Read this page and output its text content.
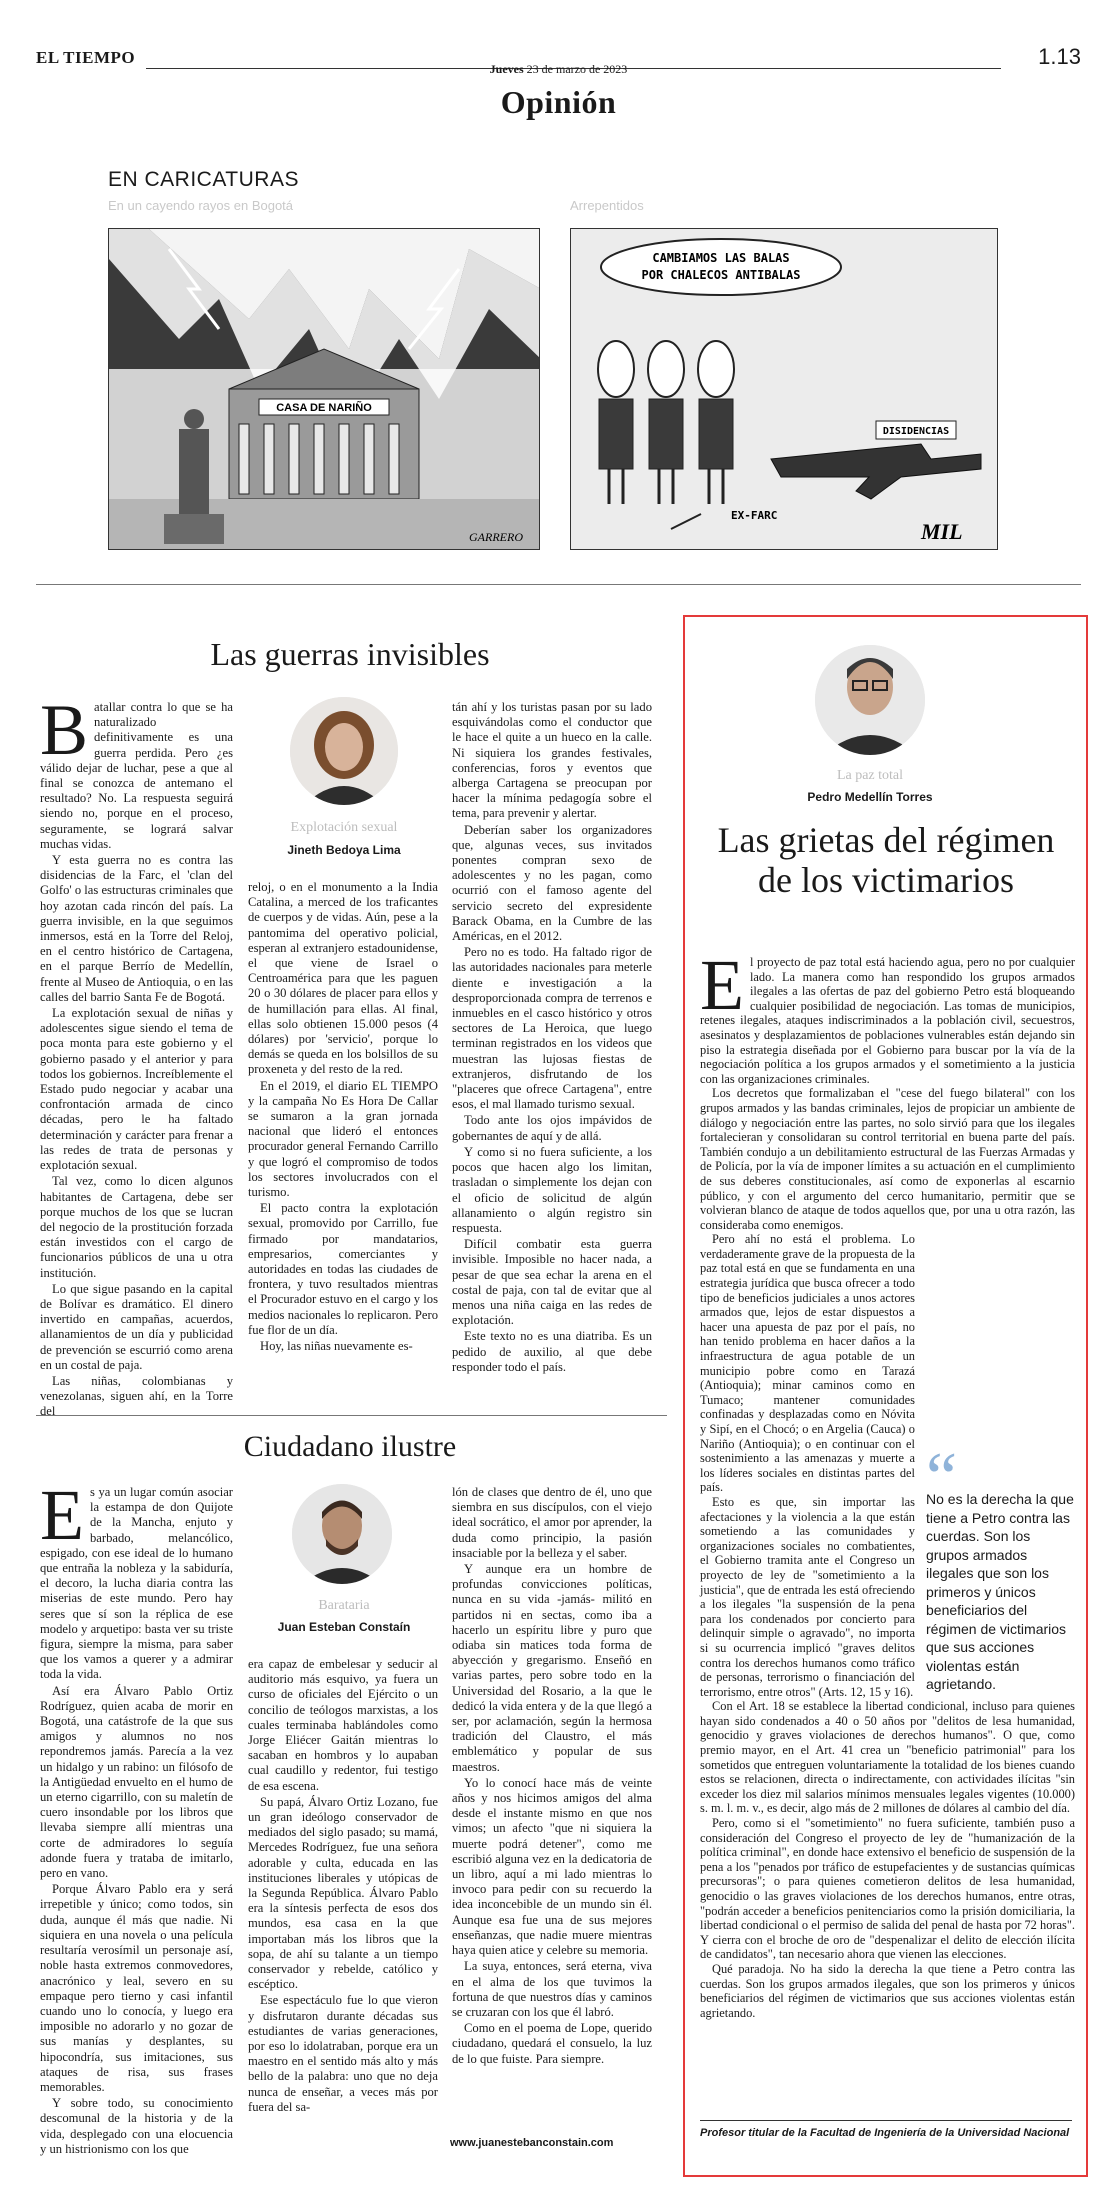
EL TIEMPO
Jueves 23 de marzo de 2023	1.13
Opinión
EN CARICATURAS
En un cayendo rayos en Bogotá	Arrepentidos
CASA DE NARIÑO
GARRERO
CAMBIAMOS LAS BALAS
POR CHALECOS ANTIBALAS
DISIDENCIAS
EX-FARC
MIL
Las guerras invisibles
B atallar contra lo que se ha naturalizado definitivamente es una guerra perdida. Pero ¿es válido dejar de luchar, pese a que al final se conozca de antemano el resultado? No. La respuesta seguirá siendo no, porque en el proceso, seguramente, se logrará salvar muchas vidas.

Y esta guerra no es contra las disidencias de la Farc, el 'clan del Golfo' o las estructuras criminales que hoy azotan cada rincón del país. La guerra invisible, en la que seguimos inmersos, está en la Torre del Reloj, en el centro histórico de Cartagena, en el parque Berrío de Medellín, frente al Museo de Antioquia, o en las calles del barrio Santa Fe de Bogotá.

La explotación sexual de niñas y adolescentes sigue siendo el tema de poca monta para este gobierno y el gobierno pasado y el anterior y para todos los gobiernos. Increíblemente el Estado pudo negociar y acabar una confrontación armada de cinco décadas, pero le ha faltado determinación y carácter para frenar a las redes de trata de personas y explotación sexual.

Tal vez, como lo dicen algunos habitantes de Cartagena, debe ser porque muchos de los que se lucran del negocio de la prostitución forzada están investidos con el cargo de funcionarios públicos de una u otra institución.

Lo que sigue pasando en la capital de Bolívar es dramático. El dinero invertido en campañas, acuerdos, allanamientos de un día y publicidad de prevención se escurrió como arena en un costal de paja.

Las niñas, colombianas y venezolanas, siguen ahí, en la Torre del

Explotación sexual
Jineth Bedoya Lima

reloj, o en el monumento a la India Catalina, a merced de los traficantes de cuerpos y de vidas. Aún, pese a la pantomima del operativo policial, esperan al extranjero estadounidense, el que viene de Israel o Centroamérica para que les paguen 20 o 30 dólares de placer para ellos y de humillación para ellas. Al final, ellas solo obtienen 15.000 pesos (4 dólares) por 'servicio', porque lo demás se queda en los bolsillos de su proxeneta y del resto de la red.

En el 2019, el diario EL TIEMPO y la campaña No Es Hora De Callar se sumaron a la gran jornada nacional que lideró el entonces procurador general Fernando Carrillo y que logró el compromiso de todos los sectores involucrados con el turismo.

El pacto contra la explotación sexual, promovido por Carrillo, fue firmado por mandatarios, empresarios, comerciantes y autoridades en todas las ciudades de frontera, y tuvo resultados mientras el Procurador estuvo en el cargo y los medios nacionales lo replicaron. Pero fue flor de un día.

Hoy, las niñas nuevamente es-

tán ahí y los turistas pasan por su lado esquivándolas como el conductor que le hace el quite a un hueco en la calle. Ni siquiera los grandes festivales, conferencias, foros y eventos que alberga Cartagena se preocupan por hacer la mínima pedagogía sobre el tema, para prevenir y alertar.

Deberían saber los organizadores que, algunas veces, sus invitados ponentes compran sexo de adolescentes y no les pagan, como ocurrió con el famoso agente del servicio secreto del expresidente Barack Obama, en la Cumbre de las Américas, en el 2012.

Pero no es todo. Ha faltado rigor de las autoridades nacionales para meterle diente e investigación a la desproporcionada compra de terrenos e inmuebles en el casco histórico y otros sectores de La Heroica, que luego terminan registrados en los videos que muestran las lujosas fiestas de extranjeros, disfrutando de los "placeres que ofrece Cartagena", entre esos, el mal llamado turismo sexual.

Todo ante los ojos impávidos de gobernantes de aquí y de allá.

Y como si no fuera suficiente, a los pocos que hacen algo los limitan, trasladan o simplemente los dejan con el oficio de solicitud de algún allanamiento o algún registro sin respuesta.

Difícil combatir esta guerra invisible. Imposible no hacer nada, a pesar de que sea echar la arena en el costal de paja, con tal de evitar que al menos una niña caiga en las redes de explotación.

Este texto no es una diatriba. Es un pedido de auxilio, al que debe responder todo el país.

Ciudadano ilustre
E s ya un lugar común asociar la estampa de don Quijote de la Mancha, enjuto y barbado, melancólico, espigado, con ese ideal de lo humano que entraña la nobleza y la sabiduría, el decoro, la lucha diaria contra las miserias de este mundo. Pero hay seres que sí son la réplica de ese modelo y arquetipo: basta ver su triste figura, siempre la misma, para saber que los vamos a querer y a admirar toda la vida.

Así era Álvaro Pablo Ortiz Rodríguez, quien acaba de morir en Bogotá, una catástrofe de la que sus amigos y alumnos no nos repondremos jamás. Parecía a la vez un hidalgo y un rabino: un filósofo de la Antigüedad envuelto en el humo de un eterno cigarrillo, con su maletín de cuero insondable por los libros que llevaba siempre allí mientras una corte de admiradores lo seguía adonde fuera y trataba de imitarlo, pero en vano.

Porque Álvaro Pablo era y será irrepetible y único; como todos, sin duda, aunque él más que nadie. Ni siquiera en una novela o una película resultaría verosímil un personaje así, noble hasta extremos conmovedores, anacrónico y leal, severo en su empaque pero tierno y casi infantil cuando uno lo conocía, y luego era imposible no adorarlo y no gozar de sus manías y desplantes, su hipocondría, sus imitaciones, sus ataques de risa, sus frases memorables.

Y sobre todo, su conocimiento descomunal de la historia y de la vida, desplegado con una elocuencia y un histrionismo con los que

Barataria
Juan Esteban Constaín

era capaz de embelesar y seducir al auditorio más esquivo, ya fuera un curso de oficiales del Ejército o un concilio de teólogos marxistas, a los cuales terminaba hablándoles como Jorge Eliécer Gaitán mientras lo sacaban en hombros y lo aupaban cual caudillo y redentor, fui testigo de esa escena.

Su papá, Álvaro Ortiz Lozano, fue un gran ideólogo conservador de mediados del siglo pasado; su mamá, Mercedes Rodríguez, fue una señora adorable y culta, educada en las instituciones liberales y utópicas de la Segunda República. Álvaro Pablo era la síntesis perfecta de esos dos mundos, esa casa en la que importaban más los libros que la sopa, de ahí su talante a un tiempo conservador y rebelde, católico y escéptico.

Ese espectáculo fue lo que vieron y disfrutaron durante décadas sus estudiantes de varias generaciones, por eso lo idolatraban, porque era un maestro en el sentido más alto y más bello de la palabra: uno que no deja nunca de enseñar, a veces más por fuera del sa-

lón de clases que dentro de él, uno que siembra en sus discípulos, con el viejo ideal socrático, el amor por aprender, la duda como principio, la pasión insaciable por la belleza y el saber.

Y aunque era un hombre de profundas convicciones políticas, nunca en su vida -jamás- militó en partidos ni en sectas, como iba a hacerlo un espíritu libre y puro que odiaba sin matices toda forma de abyección y gregarismo. Enseñó en varias partes, pero sobre todo en la Universidad del Rosario, a la que le dedicó la vida entera y de la que llegó a ser, por aclamación, según la hermosa tradición del Claustro, el más emblemático y popular de sus maestros.

Yo lo conocí hace más de veinte años y nos hicimos amigos del alma desde el instante mismo en que nos vimos; un afecto "que ni siquiera la muerte podrá detener", como me escribió alguna vez en la dedicatoria de un libro, aquí a mi lado mientras lo invoco para pedir con su recuerdo la idea inconcebible de un mundo sin él. Aunque esa fue una de sus mejores enseñanzas, que nadie muere mientras haya quien atice y celebre su memoria.

La suya, entonces, será eterna, viva en el alma de los que tuvimos la fortuna de que nuestros días y caminos se cruzaran con los que él labró.

Como en el poema de Lope, querido ciudadano, quedará el consuelo, la luz de lo que fuiste. Para siempre.

www.juanestebanconstain.com
La paz total
Pedro Medellín Torres
Las grietas del régimen de los victimarios
E l proyecto de paz total está haciendo agua, pero no por cualquier lado. La manera como han respondido los grupos armados ilegales a las ofertas de paz del gobierno Petro está bloqueando cualquier posibilidad de negociación. Las tomas de municipios, retenes ilegales, ataques indiscriminados a la población civil, secuestros, asesinatos y desplazamientos de poblaciones vulnerables están dejando sin piso la estrategia diseñada por el Gobierno para buscar por la vía de la negociación política a los grupos armados y el sometimiento a la justicia con las organizaciones criminales.

Los decretos que formalizaban el "cese del fuego bilateral" con los grupos armados y las bandas criminales, lejos de propiciar un ambiente de diálogo y negociación entre las partes, no solo sirvió para que los ilegales fortalecieran y consolidaran su control territorial en buena parte del país. También condujo a un debilitamiento estructural de las Fuerzas Armadas y de Policía, por la vía de imponer límites a su actuación en el cumplimiento de sus deberes constitucionales, así como de exponerlas al escarnio público, y con el argumento del cerco humanitario, permitir que se volvieran blanco de ataque de todos aquellos que, por una u otra razón, las consideraba como enemigos.

Pero ahí no está el problema. Lo verdaderamente grave de la propuesta de la paz total está en que se fundamenta en una estrategia jurídica que busca ofrecer a todo tipo de beneficios judiciales a unos actores armados que, lejos de estar dispuestos a hacer una apuesta de paz por el país, no han tenido problema en hacer daños a la infraestructura de agua potable de un municipio pobre como en Tarazá (Antioquia); minar caminos como en Tumaco; mantener comunidades confinadas y desplazadas como en Nóvita y Sipí, en el Chocó; o en Argelia (Cauca) o Nariño (Antioquia); o en continuar con el sostenimiento a las amenazas y muerte a los líderes sociales en distintas partes del país.

Esto es que, sin importar las afectaciones y la violencia a la que están sometiendo a las comunidades y organizaciones sociales no combatientes, el Gobierno tramita ante el Congreso un proyecto de ley de "sometimiento a la justicia", que de entrada les está ofreciendo a los ilegales "la suspensión de la pena para los condenados por concierto para delinquir simple o agravado", no importa si su ocurrencia implicó "graves delitos contra los derechos humanos como tráfico de personas, terrorismo o financiación del terrorismo, entre otros" (Arts. 12, 15 y 16).

Con el Art. 18 se establece la libertad condicional, incluso para quienes hayan sido condenados a 40 o 50 años por "delitos de lesa humanidad, genocidio y graves violaciones de derechos humanos". O que, como premio mayor, en el Art. 41 crea un "beneficio patrimonial" para los sometidos que entreguen voluntariamente la totalidad de los bienes cuando estos se relacionen, directa o indirectamente, con actividades ilícitas "sin exceder los diez mil salarios mínimos mensuales legales vigentes (10.000) s. m. l. m. v., es decir, algo más de 2 millones de dólares al cambio del día.

Pero, como si el "sometimiento" no fuera suficiente, también puso a consideración del Congreso el proyecto de ley de "humanización de la política criminal", en donde hace extensivo el beneficio de suspensión de la pena a los "penados por tráfico de estupefacientes y de sustancias químicas precursoras"; o para quienes cometieron delitos de lesa humanidad, genocidio o las graves violaciones de los derechos humanos, entre otras, "podrán acceder a beneficios penitenciarios como la prisión domiciliaria, la libertad condicional o el permiso de salida del penal de hasta por 72 horas". Y cierra con el broche de oro de "despenalizar el delito de elección ilícita de candidatos", tan necesario ahora que vienen las elecciones.

Qué paradoja. No ha sido la derecha la que tiene a Petro contra las cuerdas. Son los grupos armados ilegales, que son los primeros y únicos beneficiarios del régimen de victimarios que sus acciones violentas están agrietando.

“
No es la derecha la que tiene a Petro contra las cuerdas. Son los grupos armados ilegales que son los primeros y únicos beneficiarios del régimen de victimarios que sus acciones violentas están agrietando.
Profesor titular de la Facultad de Ingeniería de la Universidad Nacional
